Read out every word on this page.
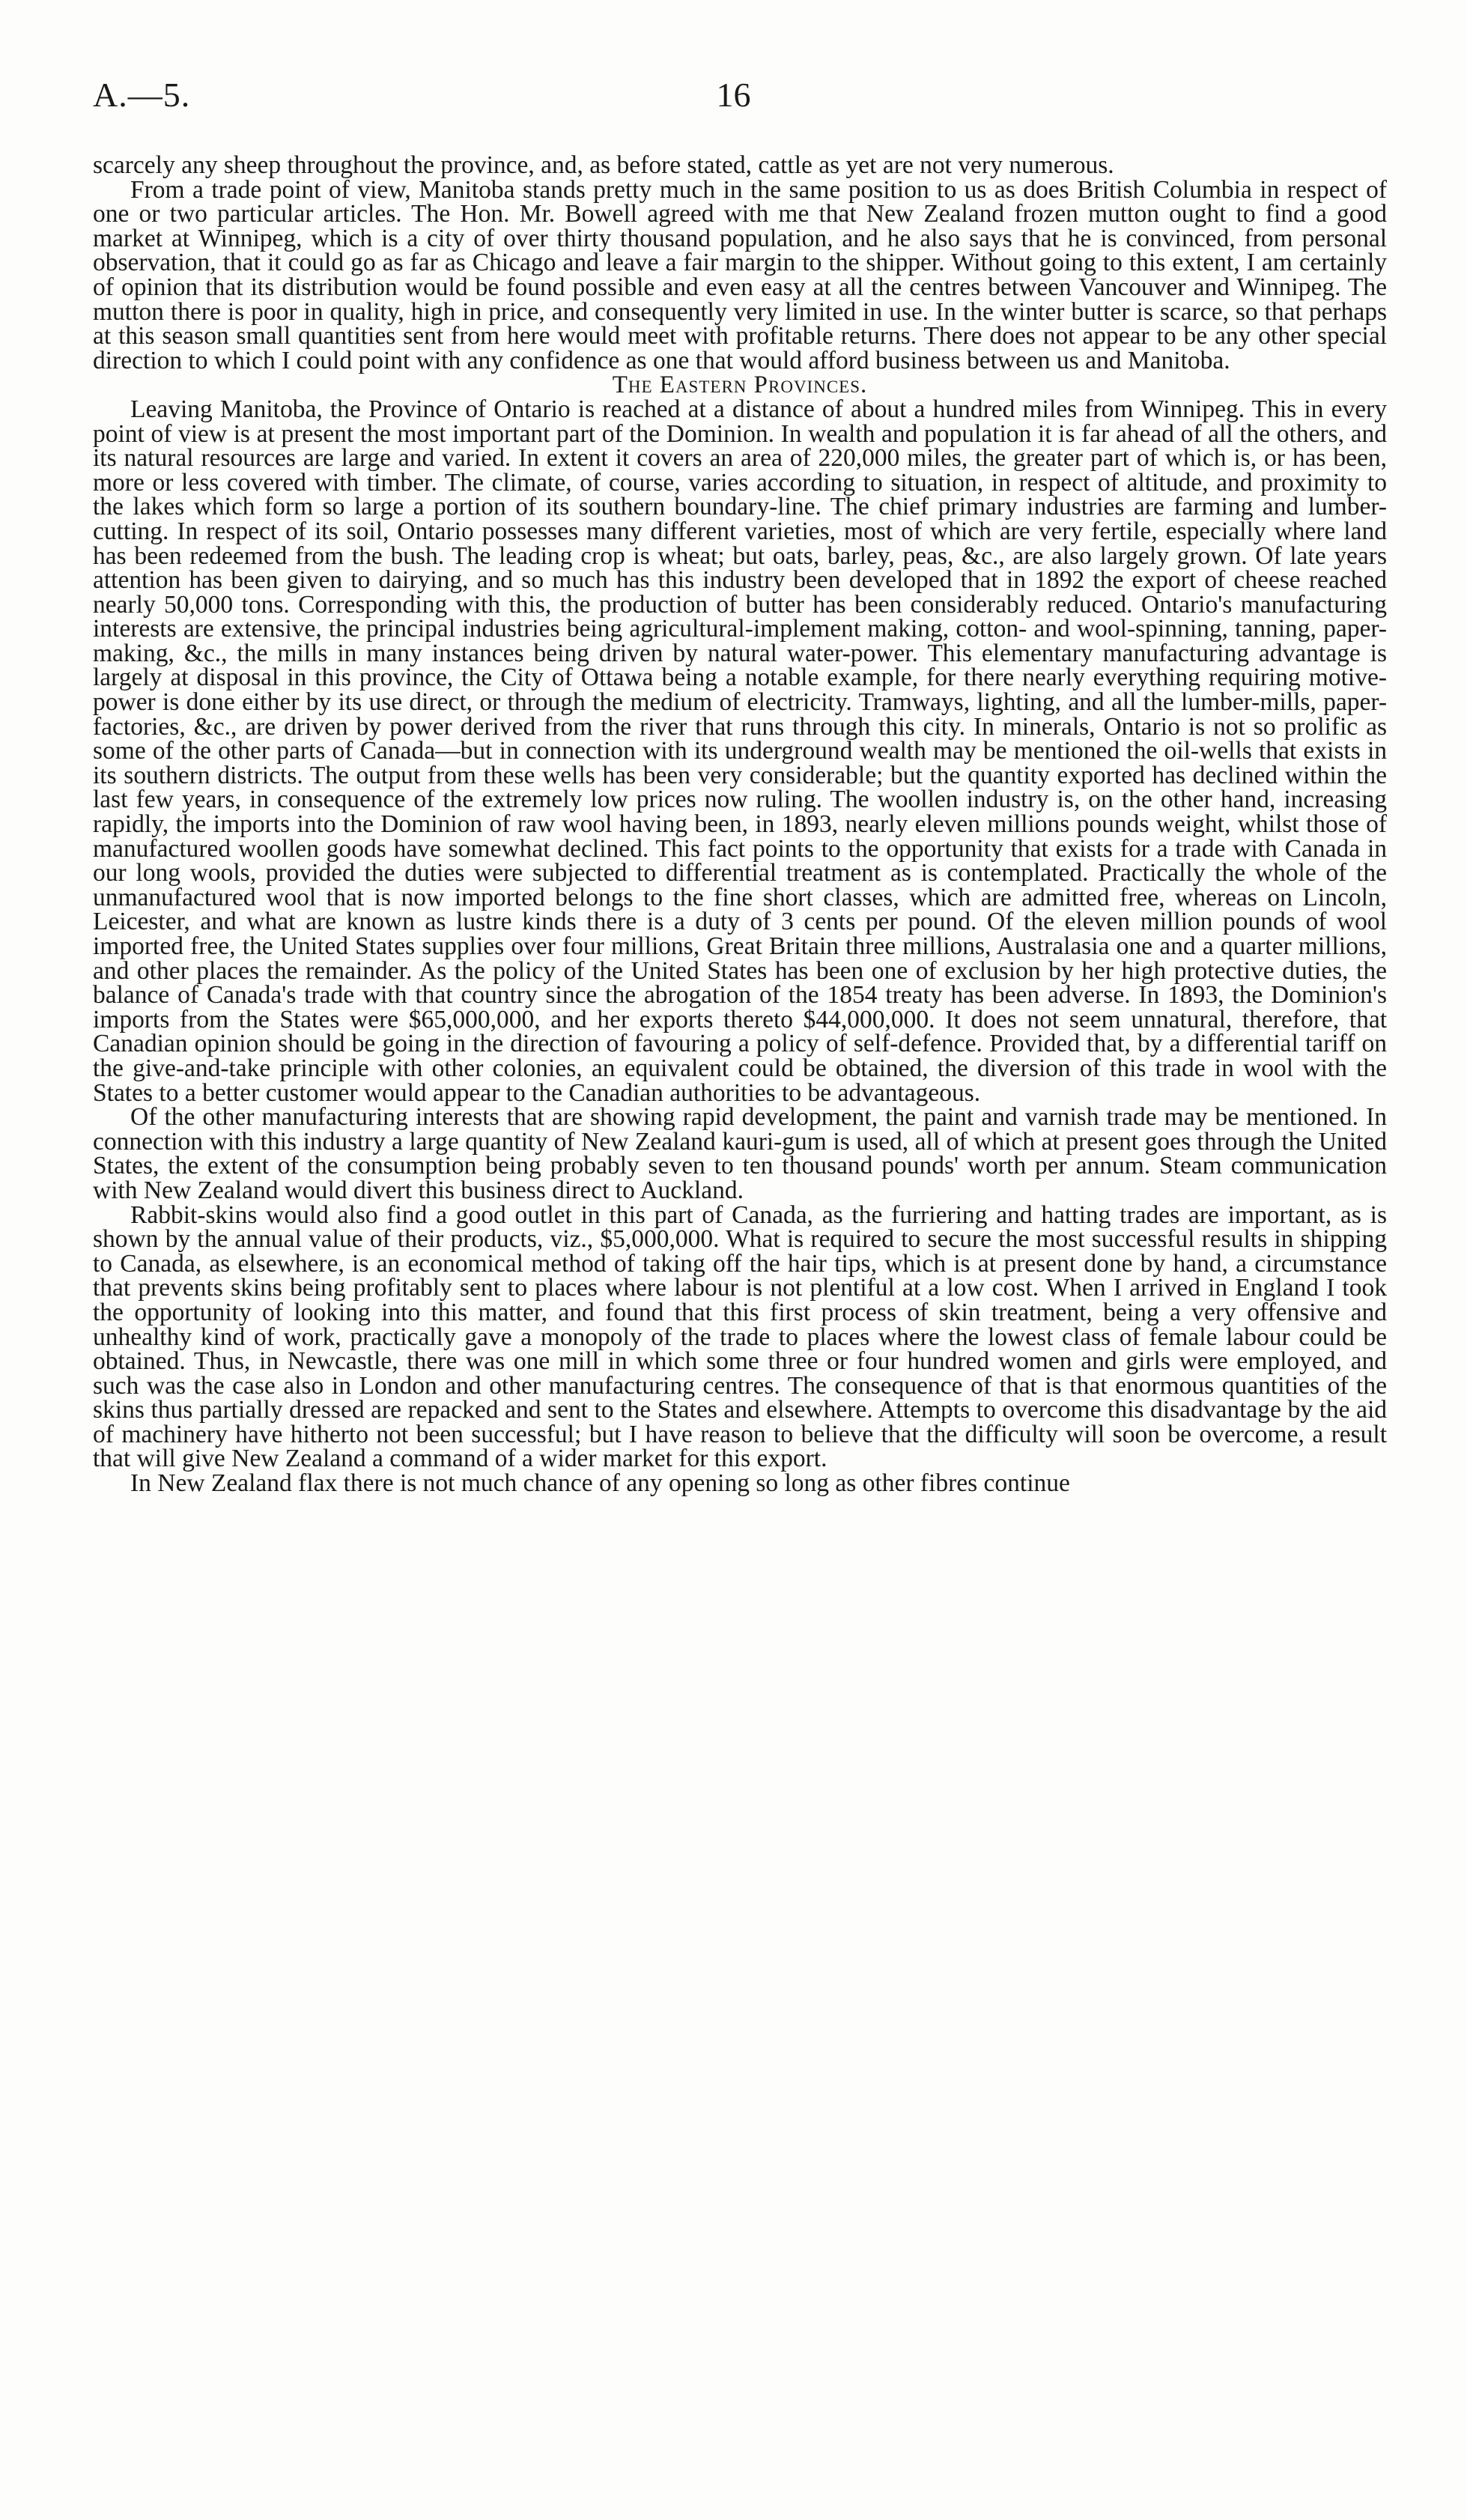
A.—5.	16

scarcely any sheep throughout the province, and, as before stated, cattle as yet are not very numerous.

From a trade point of view, Manitoba stands pretty much in the same position to us as does British Columbia in respect of one or two particular articles. The Hon. Mr. Bowell agreed with me that New Zealand frozen mutton ought to find a good market at Winnipeg, which is a city of over thirty thousand population, and he also says that he is convinced, from personal observation, that it could go as far as Chicago and leave a fair margin to the shipper. Without going to this extent, I am certainly of opinion that its distribution would be found possible and even easy at all the centres between Vancouver and Winnipeg. The mutton there is poor in quality, high in price, and consequently very limited in use. In the winter butter is scarce, so that perhaps at this season small quantities sent from here would meet with profitable returns. There does not appear to be any other special direction to which I could point with any confidence as one that would afford business between us and Manitoba.

The Eastern Provinces.

Leaving Manitoba, the Province of Ontario is reached at a distance of about a hundred miles from Winnipeg. This in every point of view is at present the most important part of the Dominion. In wealth and population it is far ahead of all the others, and its natural resources are large and varied. In extent it covers an area of 220,000 miles, the greater part of which is, or has been, more or less covered with timber. The climate, of course, varies according to situation, in respect of altitude, and proximity to the lakes which form so large a portion of its southern boundary-line. The chief primary industries are farming and lumber-cutting. In respect of its soil, Ontario possesses many different varieties, most of which are very fertile, especially where land has been redeemed from the bush. The leading crop is wheat; but oats, barley, peas, &c., are also largely grown. Of late years attention has been given to dairying, and so much has this industry been developed that in 1892 the export of cheese reached nearly 50,000 tons. Corresponding with this, the production of butter has been considerably reduced. Ontario's manufacturing interests are extensive, the principal industries being agricultural-implement making, cotton- and wool-spinning, tanning, paper-making, &c., the mills in many instances being driven by natural water-power. This elementary manufacturing advantage is largely at disposal in this province, the City of Ottawa being a notable example, for there nearly everything requiring motive-power is done either by its use direct, or through the medium of electricity. Tramways, lighting, and all the lumber-mills, paper-factories, &c., are driven by power derived from the river that runs through this city. In minerals, Ontario is not so prolific as some of the other parts of Canada—but in connection with its underground wealth may be mentioned the oil-wells that exists in its southern districts. The output from these wells has been very considerable; but the quantity exported has declined within the last few years, in consequence of the extremely low prices now ruling. The woollen industry is, on the other hand, increasing rapidly, the imports into the Dominion of raw wool having been, in 1893, nearly eleven millions pounds weight, whilst those of manufactured woollen goods have somewhat declined. This fact points to the opportunity that exists for a trade with Canada in our long wools, provided the duties were subjected to differential treatment as is contemplated. Practically the whole of the unmanufactured wool that is now imported belongs to the fine short classes, which are admitted free, whereas on Lincoln, Leicester, and what are known as lustre kinds there is a duty of 3 cents per pound. Of the eleven million pounds of wool imported free, the United States supplies over four millions, Great Britain three millions, Australasia one and a quarter millions, and other places the remainder. As the policy of the United States has been one of exclusion by her high protective duties, the balance of Canada's trade with that country since the abrogation of the 1854 treaty has been adverse. In 1893, the Dominion's imports from the States were $65,000,000, and her exports thereto $44,000,000. It does not seem unnatural, therefore, that Canadian opinion should be going in the direction of favouring a policy of self-defence. Provided that, by a differential tariff on the give-and-take principle with other colonies, an equivalent could be obtained, the diversion of this trade in wool with the States to a better customer would appear to the Canadian authorities to be advantageous.

Of the other manufacturing interests that are showing rapid development, the paint and varnish trade may be mentioned. In connection with this industry a large quantity of New Zealand kauri-gum is used, all of which at present goes through the United States, the extent of the consumption being probably seven to ten thousand pounds' worth per annum. Steam communication with New Zealand would divert this business direct to Auckland.

Rabbit-skins would also find a good outlet in this part of Canada, as the furriering and hatting trades are important, as is shown by the annual value of their products, viz., $5,000,000. What is required to secure the most successful results in shipping to Canada, as elsewhere, is an economical method of taking off the hair tips, which is at present done by hand, a circumstance that prevents skins being profitably sent to places where labour is not plentiful at a low cost. When I arrived in England I took the opportunity of looking into this matter, and found that this first process of skin treatment, being a very offensive and unhealthy kind of work, practically gave a monopoly of the trade to places where the lowest class of female labour could be obtained. Thus, in Newcastle, there was one mill in which some three or four hundred women and girls were employed, and such was the case also in London and other manufacturing centres. The consequence of that is that enormous quantities of the skins thus partially dressed are repacked and sent to the States and elsewhere. Attempts to overcome this disadvantage by the aid of machinery have hitherto not been successful; but I have reason to believe that the difficulty will soon be overcome, a result that will give New Zealand a command of a wider market for this export.

In New Zealand flax there is not much chance of any opening so long as other fibres continue
